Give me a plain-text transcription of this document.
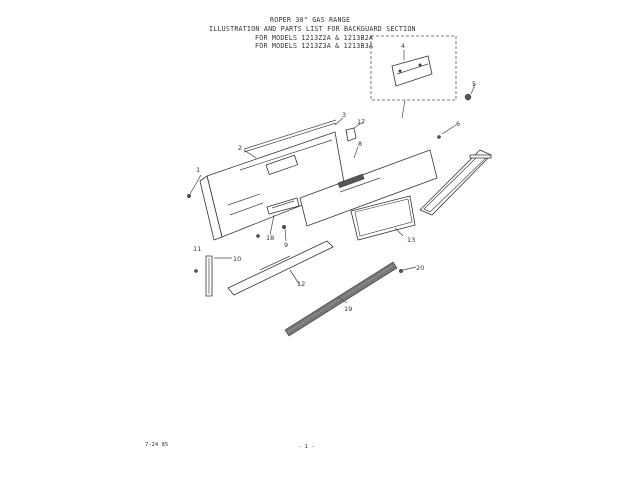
ROPER 30" GAS RANGE
ILLUSTRATION AND PARTS LIST FOR BACKGUARD SECTION
FOR MODELS 1213Z2A & 1213B2A
FOR MODELS 1213Z3A & 1213B3A
1
2
3
4
5
6
8
9
10
11
12
13
17
18
19
20
7-24 85	- 1 -
